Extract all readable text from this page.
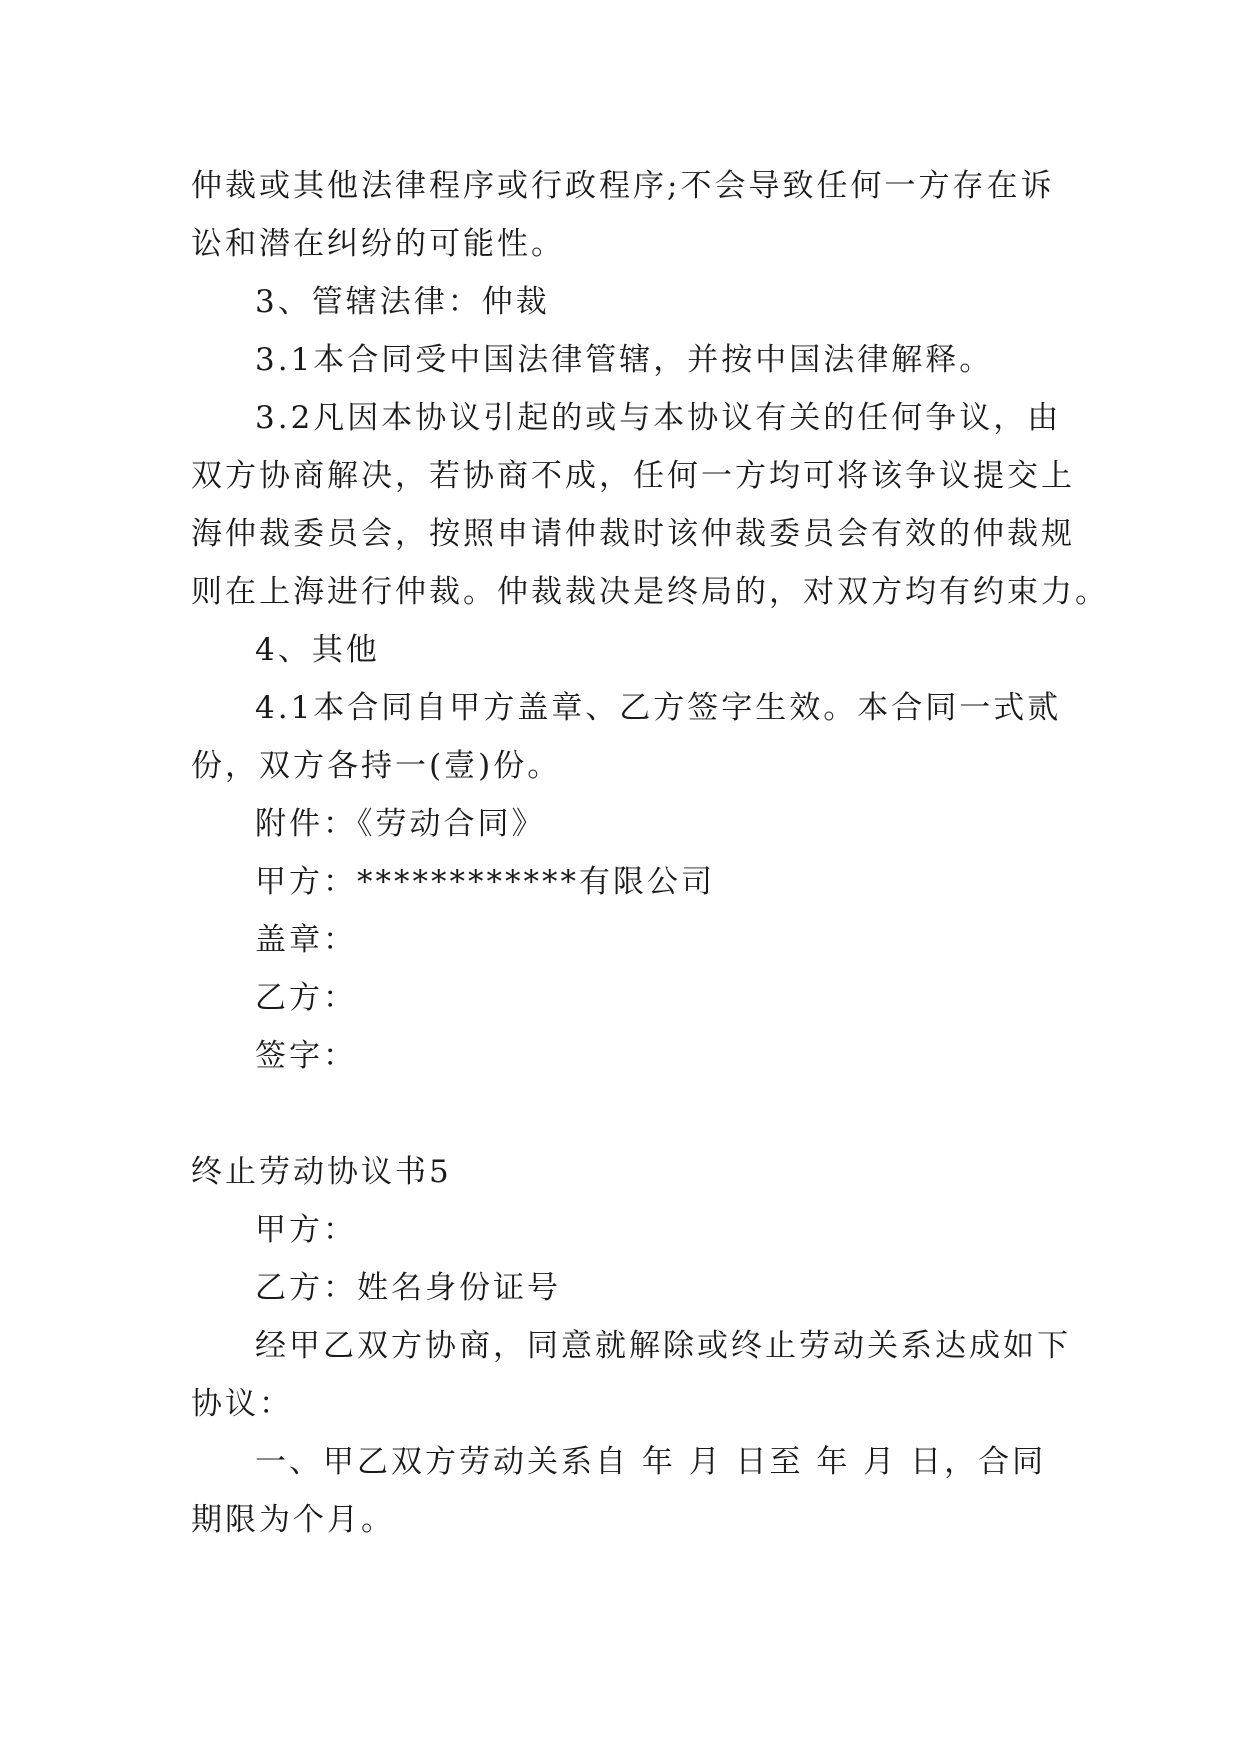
仲裁或其他法律程序或行政程序;不会导致任何一方存在诉
讼和潜在纠纷的可能性。
3、管辖法律：仲裁
3.1本合同受中国法律管辖，并按中国法律解释。
3.2凡因本协议引起的或与本协议有关的任何争议，由
双方协商解决，若协商不成，任何一方均可将该争议提交上
海仲裁委员会，按照申请仲裁时该仲裁委员会有效的仲裁规
则在上海进行仲裁。仲裁裁决是终局的，对双方均有约束力。
4、其他
4.1本合同自甲方盖章、乙方签字生效。本合同一式贰
份，双方各持一(壹)份。
附件：《劳动合同》
甲方：************有限公司
盖章：
乙方：
签字：
终止劳动协议书5
甲方：
乙方：姓名身份证号
经甲乙双方协商，同意就解除或终止劳动关系达成如下
协议：
一、甲乙双方劳动关系自 年 月 日至 年 月 日，合同
期限为个月。
